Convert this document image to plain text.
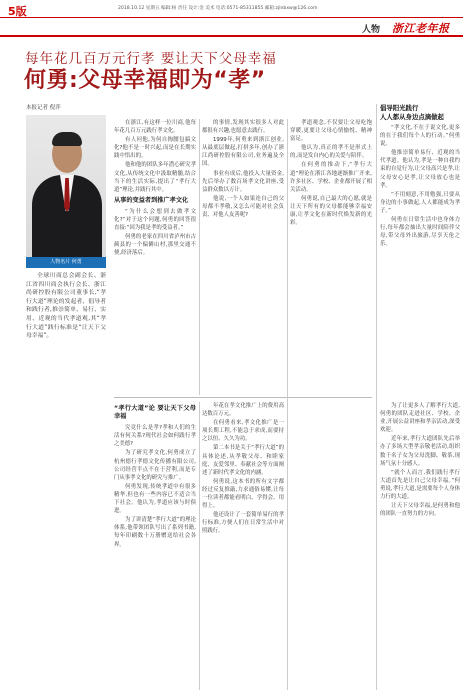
5版	2018.10.12 星期五 编辑:杨 责任 设计:金 美术 电话:0571-85311855 邮箱:zjlnbxw@126.com
人物 浙江老年报
每年花几百万元行孝 要让天下父母幸福
何勇:父母幸福即为“孝”
本报记者 倪萍
人物名片 何勇

全球川商总会副会长、浙江省四川商会执行会长、浙江尚研控股有限公司董事长,“孝行大道”理论的发起者、倡导者和践行者,推崇简单、易行、实用、近观的当代孝道观,其“孝行大道”践行标准是“让天下父母幸福”。

在浙江,有这样一位川商,他每年花几百万元践行孝文化。

有人问他,为何自掏腰包搞文化?他不是一时兴起,而是在长期实践中悟出的。

他和他的团队多年潜心研究孝文化,从传统文化中汲取精髓,结合当下的生活实际,提出了“孝行大道”理论,并践行其中。

从事的变益者到推广孝文化

“为什么会想到去做孝文化?”对于这个问题,何勇的回答很直接:“因为我是孝的受益者。”

何勇的老家在四川省泸州市古蔺县的一个偏僻山村,那里交通不便,经济落后。

的事情,发现其实很多人对此都很有兴趣,也愿意去践行。

1999年,何勇来到浙江创业,从最底层做起,打拼多年,创办了浙江尚研控股有限公司,业务遍及全国。

事业有成后,他投入大量资金,先后举办了数百场孝文化讲座,受益群众数以万计。

他说,一个人如果连自己的父母都不孝敬,又怎么可能对社会负责、对他人友善呢?

倡导阳光践行
人人都从身边点滴做起

“孝文化,不在于说文化,更多的在于我们每个人的行动。”何勇说。

他推崇简单易行、近观的当代孝道。他认为,孝是一种自我约束的自觉行为,让父母高兴是孝,让父母安心是孝,让父母放心也是孝。

“不用刻意,不用勉强,只要从身边的小事做起,人人都能成为孝子。”

何勇在日常生活中也身体力行,每年都会抽出大量时间陪伴父母,带父母外出旅游,尽享天伦之乐。

“孝行大道”论 要让天下父母幸福

究竟什么是孝?孝和人们的生活有何关系?现代社会如何践行孝之美德?

为了研究孝文化,何勇成立了杭州德行孝德文化传播有限公司,公司经营半点不在于营利,而是专门从事孝文化的研究与推广。

何勇发现,传统孝道中有很多精华,但也有一些内容已不适合当下社会。他认为,孝道应该与时俱进。

为了讲清楚“孝行大道”的理论体系,他带领团队写出了系列书籍,每年印刷数十万册赠送给社会各界。

年花在孝文化推广上的费用高达数百万元。

在何勇看来,孝文化推广是一项长期工程,不能急于求成,而要持之以恒、久久为功。

第二本书是关于“孝行大道”的具体论述,从孝敬父母、和睦家庭、友爱邻里、奉献社会等方面阐述了新时代孝文化的内涵。

何勇说,这本书的所有文字都经过反复推敲,力求通俗易懂,让每一位读者都能看明白、学得会、用得上。

他还设计了一套简单易行的孝行标准,方便人们在日常生活中对照践行。

孝道观念,不仅要让父母吃饱穿暖,更要让父母心情愉悦、精神富足。

他认为,真正的孝不是形式上的,而是发自内心的关爱与陪伴。

在何勇的推动下,“孝行大道”理论在浙江各地逐渐推广开来,许多社区、学校、企业都开展了相关活动。

何勇说,自己最大的心愿,就是让天下所有的父母都能够幸福安康,让孝文化在新时代焕发新的光彩。

为了让更多人了解孝行大道,何勇的团队走进社区、学校、企业,开展公益讲座和孝亲活动,深受欢迎。

近年来,孝行大道团队先后举办了多场大型孝亲敬老活动,组织数千名子女为父母洗脚、敬茶,现场气氛十分感人。

“就个人而言,我们践行孝行大道首先是让自己父母幸福。”何勇说,孝行大道,是需要每个人身体力行的大道。

让天下父母幸福,是何勇和他的团队一直努力的方向。
